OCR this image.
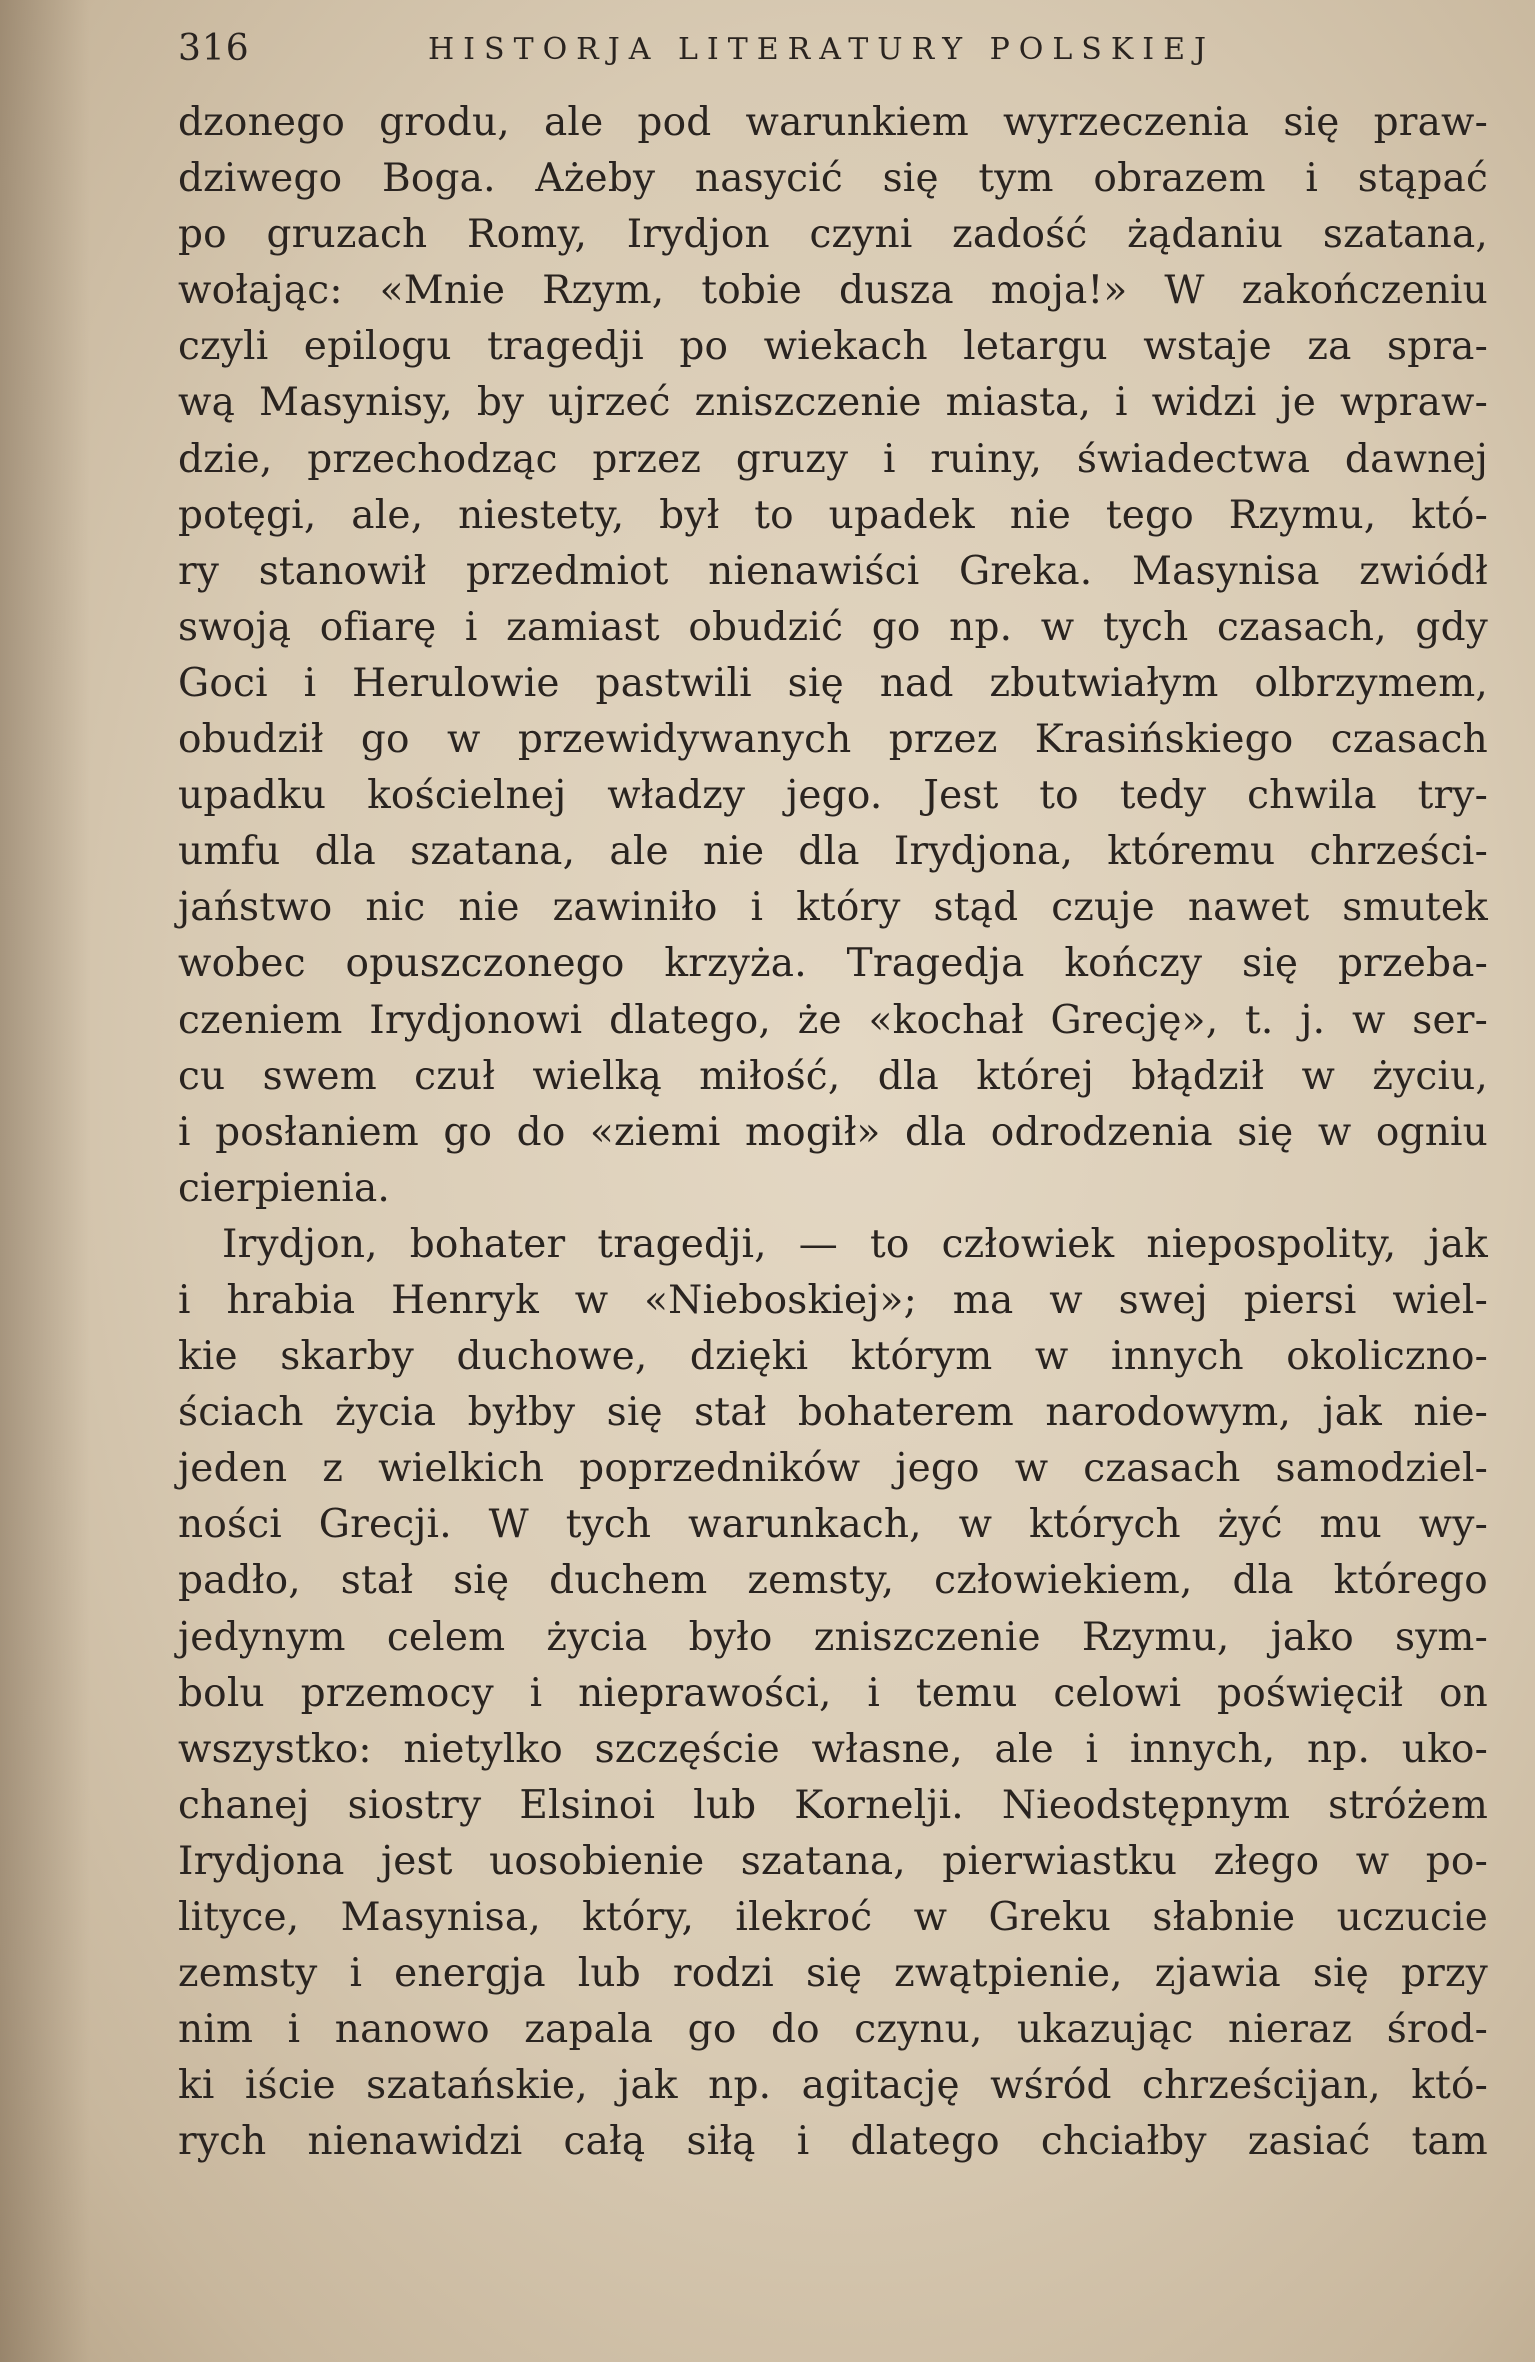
316	HISTORJA LITERATURY POLSKIEJ
dzonego grodu, ale pod warunkiem wyrzeczenia się praw-
dziwego Boga. Ażeby nasycić się tym obrazem i stąpać
po gruzach Romy, Irydjon czyni zadość żądaniu szatana,
wołając: «Mnie Rzym, tobie dusza moja!» W zakończeniu
czyli epilogu tragedji po wiekach letargu wstaje za spra-
wą Masynisy, by ujrzeć zniszczenie miasta, i widzi je wpraw-
dzie, przechodząc przez gruzy i ruiny, świadectwa dawnej
potęgi, ale, niestety, był to upadek nie tego Rzymu, któ-
ry stanowił przedmiot nienawiści Greka. Masynisa zwiódł
swoją ofiarę i zamiast obudzić go np. w tych czasach, gdy
Goci i Herulowie pastwili się nad zbutwiałym olbrzymem,
obudził go w przewidywanych przez Krasińskiego czasach
upadku kościelnej władzy jego. Jest to tedy chwila try-
umfu dla szatana, ale nie dla Irydjona, któremu chrześci-
jaństwo nic nie zawiniło i który stąd czuje nawet smutek
wobec opuszczonego krzyża. Tragedja kończy się przeba-
czeniem Irydjonowi dlatego, że «kochał Grecję», t. j. w ser-
cu swem czuł wielką miłość, dla której błądził w życiu,
i posłaniem go do «ziemi mogił» dla odrodzenia się w ogniu
cierpienia.
Irydjon, bohater tragedji, — to człowiek niepospolity, jak
i hrabia Henryk w «Nieboskiej»; ma w swej piersi wiel-
kie skarby duchowe, dzięki którym w innych okoliczno-
ściach życia byłby się stał bohaterem narodowym, jak nie-
jeden z wielkich poprzedników jego w czasach samodziel-
ności Grecji. W tych warunkach, w których żyć mu wy-
padło, stał się duchem zemsty, człowiekiem, dla którego
jedynym celem życia było zniszczenie Rzymu, jako sym-
bolu przemocy i nieprawości, i temu celowi poświęcił on
wszystko: nietylko szczęście własne, ale i innych, np. uko-
chanej siostry Elsinoi lub Kornelji. Nieodstępnym stróżem
Irydjona jest uosobienie szatana, pierwiastku złego w po-
lityce, Masynisa, który, ilekroć w Greku słabnie uczucie
zemsty i energja lub rodzi się zwątpienie, zjawia się przy
nim i nanowo zapala go do czynu, ukazując nieraz środ-
ki iście szatańskie, jak np. agitację wśród chrześcijan, któ-
rych nienawidzi całą siłą i dlatego chciałby zasiać tam
